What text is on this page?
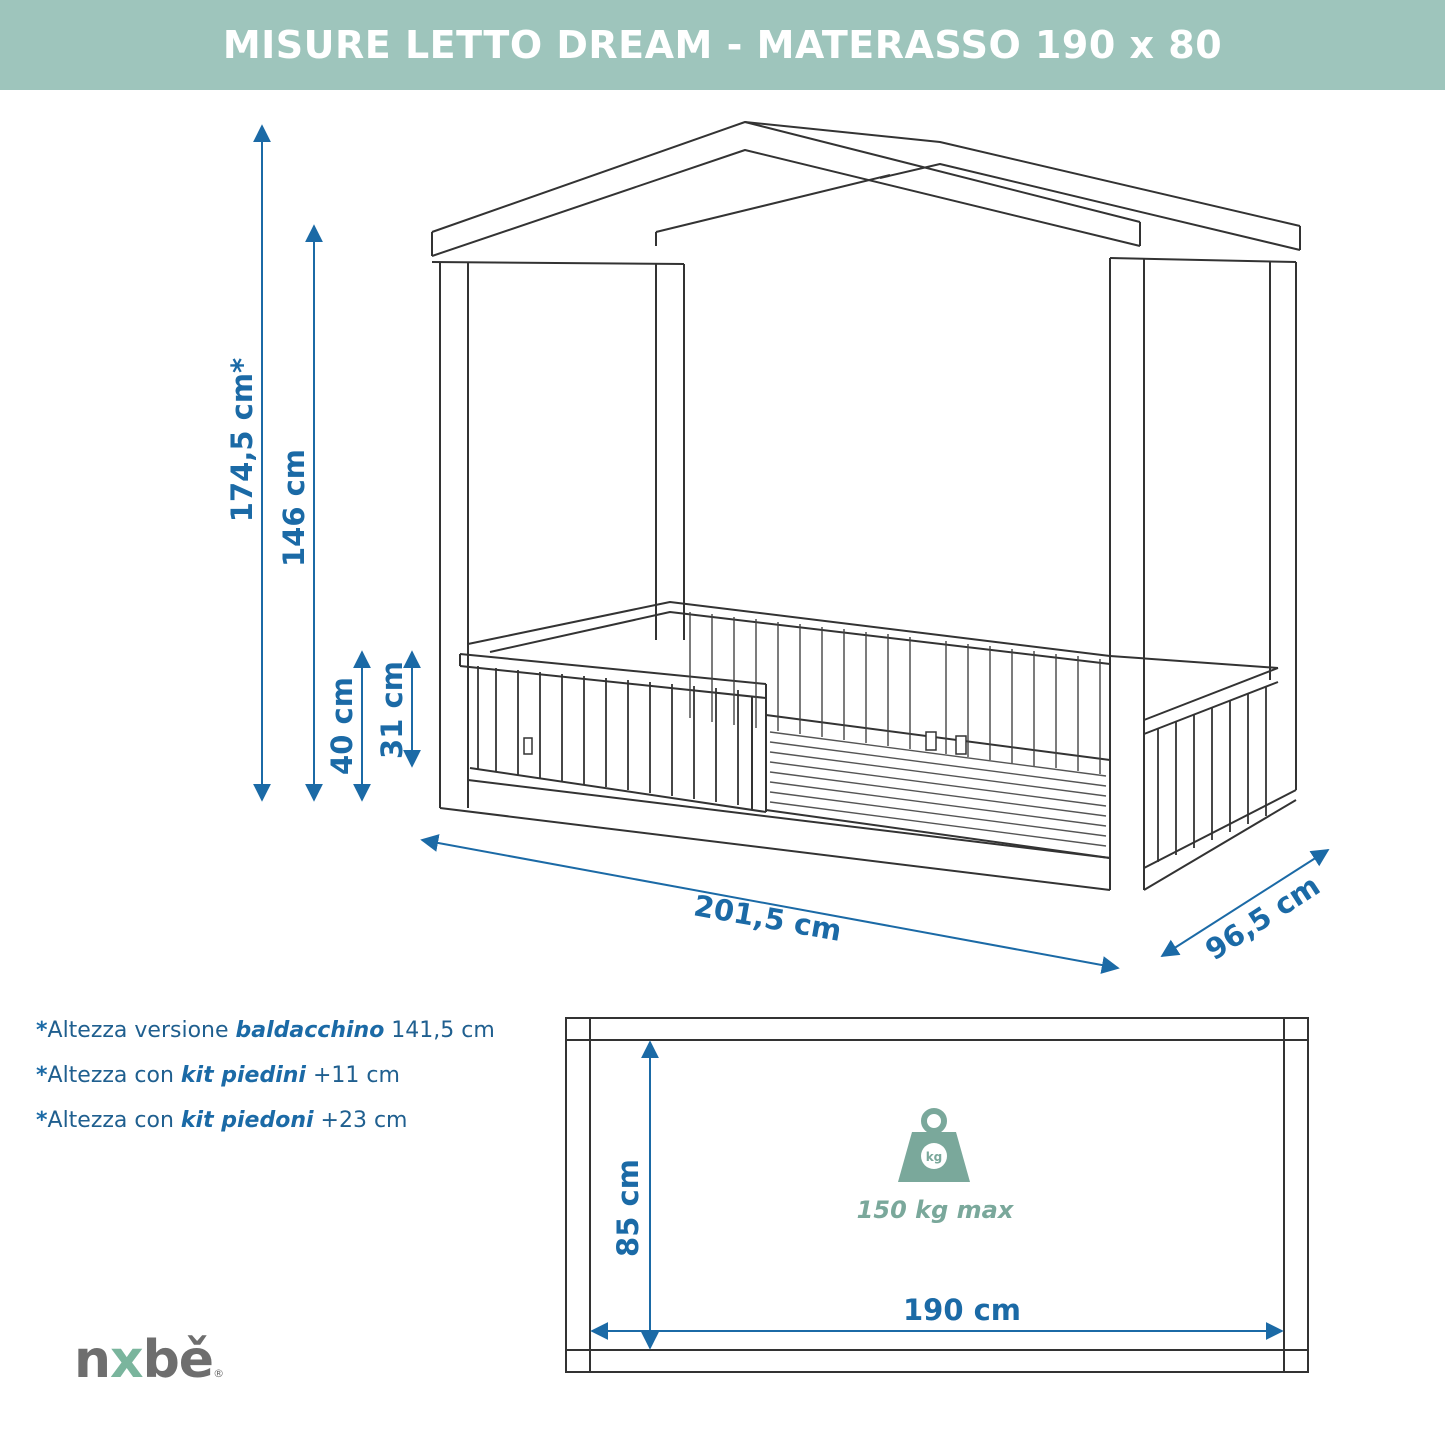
MISURE LETTO DREAM - MATERASSO 190 x 80
174,5 cm* 146 cm
40 cm 31 cm
201,5 cm	96,5 cm
85 cm
190 cm
kg
150 kg max
*Altezza versione baldacchino 141,5 cm
*Altezza con kit piedini +11 cm
*Altezza con kit piedoni +23 cm
nxbě®
